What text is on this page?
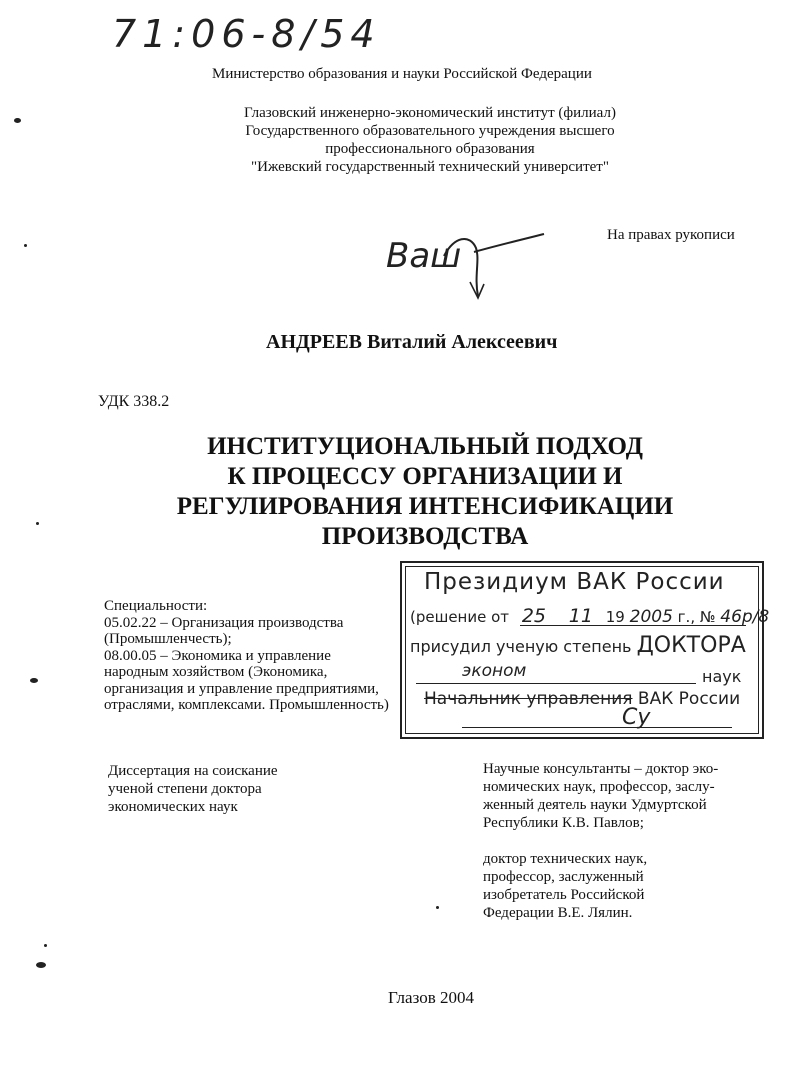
71:06-8/54
Министерство образования и науки Российской Федерации
Глазовский инженерно-экономический институт (филиал)
Государственного образовательного учреждения высшего
профессионального образования
"Ижевский государственный технический университет"
Ваш
На правах рукописи
АНДРЕЕВ Виталий Алексеевич
УДК 338.2
ИНСТИТУЦИОНАЛЬНЫЙ ПОДХОД
К ПРОЦЕССУ ОРГАНИЗАЦИИ И
РЕГУЛИРОВАНИЯ ИНТЕНСИФИКАЦИИ
ПРОИЗВОДСТВА
Специальности:
05.02.22 – Организация производства
(Промышленчесть);
08.00.05 – Экономика и управление
народным хозяйством (Экономика,
организация и управление предприятиями,
отраслями, комплексами. Промышленность)
Президиум ВАК России
(решение от 25 11 19 2005 г., № 46р/8
присудил ученую степень ДОКТОРА
эконом	наук
Начальник управления ВАК России
Су
Диссертация на соискание
ученой степени доктора
экономических наук

Научные консультанты – доктор эко-

номических наук, профессор, заслу-

женный деятель науки Удмуртской

Республики К.В. Павлов;

доктор технических наук,

профессор, заслуженный

изобретатель Российской

Федерации В.Е. Лялин.

Глазов 2004
